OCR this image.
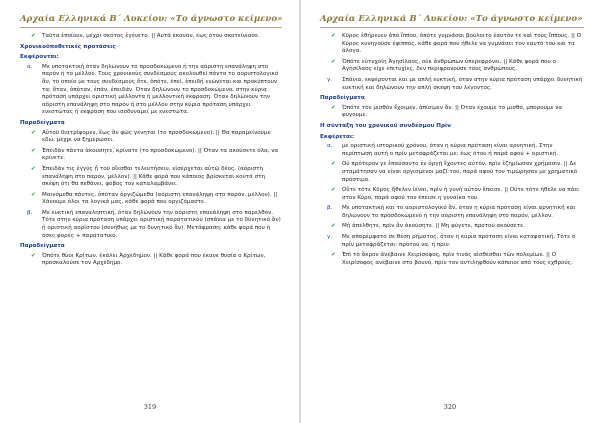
Αρχαία Ελληνικά Β΄ Λυκείου: «Το άγνωστο κείμενο»
✔ Ταῦτα ἐποίουν, μέχρι σκότος ἐγένετο. || Αυτά έκαναν, έως ότου σκοτείνιασε.
Χρονικοϋποθετικές προτάσεις
Εκφέρονται:
α. Με υποτακτική όταν δηλώνουν το προσδοκώμενο ή την αόριστη επανάληψη στο παρόν ή το μέλλον. Τους χρονικούς συνδέσμους ακολουθεί πάντα το αοριστολογικό ἄν, το οποίο με τους συνδέσμους ὅτε, ὁπότε, ἐπεί, ἐπειδή ενώνεται και προκύπτουν τα: ὅταν, ὁπόταν, ἐπάν, ἐπειδάν. Όταν δηλώνουν το προσδοκώμενο, στην κύρια πρόταση υπάρχει οριστική μέλλοντα ή μελλοντική έκφραση. Όταν δηλώνουν την αόριστη επανάληψη στο παρόν ή στο μέλλον στην κύρια πρόταση υπάρχει ενεστώτας ή έκφραση που ισοδυναμεί με ενεστώτα.
Παραδείγματα
✔ Αὐτοῦ διατρίψομεν, ἕως ἂν φῶς γένηται (το προσδοκώμενο). || Θα παραμείνουμε εδώ, μέχρι να ξημερώσει.
✔ Ἐπειδὰν πάντα ἀκούσητε, κρίνατε (το προσδοκώμενο). || Όταν τα ακούσετε όλα, να κρίνετε.
✔ Ἐπειδὰν τις ἐγγὺς ᾖ τοῦ οἴεσθαι τελευτήσειν, εἰσέρχεται αὐτῷ δέος. (αόριστη επανάληψη στο παρόν, μέλλον). || Κάθε φορά που κάποιος βρίσκεται κοντά στη σκέψη ότι θα πεθάνει, φόβος τον καταλαμβάνει.
✔ Μαινόμεθα πάντες, ὁπόταν ὀργιζώμεθα (αόριστη επανάληψη στο παρόν, μέλλον). || Χάνουμε όλοι τα λογικά μας, κάθε φορά που οργιζόμαστε.
β. Με ευκτική επαναληπτική, όταν δηλώνουν την αόριστη επανάληψη στο παρελθόν. Τότε στην κύρια πρόταση υπάρχει οριστική παρατατικού (σπάνια με το δυνητικό ἄν) ή οριστική αορίστου (συνήθως με το δυνητικό ἄν). Μετάφραση: κάθε φορά που ή όσες φορές + παρατατικό.
Παραδείγματα
✔ Ὁπότε θύοι Κρίτων, ἐκάλει Ἀρχέδημον. || Κάθε φορά που έκανε θυσία ο Κρίτων, προσκαλούσε τον Αρχέδημο.
319
Αρχαία Ελληνικά Β΄ Λυκείου: «Το άγνωστο κείμενο»
✔ Κῦρος ἐθήρευεν ἀπὸ ἵππου, ὁπότε γυμνάσαι βούλοιτο ἑαυτὸν τε καὶ τοὺς ἵππους. || Ο Κύρος κυνηγούσε έφιππος, κάθε φορά που ήθελε να γυμνάσει τον εαυτό του και τα άλογα.
✔ Ὁπότε εὐτυχοίη Ἀγησίλαος, οὐκ ἀνθρώπων ὑπερεφρόνει. || Κάθε φορά που ο Αγησίλαος είχε επιτυχίες, δεν περιφρονούσε τους ανθρώπους.
γ. Σπάνια, εκφέρονται και με απλή ευκτική, όταν στην κύρια πρόταση υπάρχει δυνητική ευκτική και δηλώνουν την απλή σκέψη του λέγοντος.
Παραδείγματα
✔ Ὁπότε τὸν μισθὸν ἔχοιμεν, ἀπίοιμεν ἄν. || Όταν έχουμε το μισθό, μπορούμε να φύγουμε.
Η σύνταξη του χρονικού συνδέσμου Πρίν
Εκφέρεται:
α. με οριστική ιστορικού χρόνου, όταν η κύρια πρόταση είναι αρνητική. Στην περίπτωση αυτή ο πρίν μεταφράζεται με: έως ότου ή παρά αφού + οριστική.
✔ Οὐ πρότερον γε ἐπαύσαντο ἐν ὀργῇ ἔχοντες αὐτόν, πρὶν ἐζημίωσαν χρήμασιν. || Δε σταμάτησαν να είναι οργισμένοι μαζί του, παρά αφού τον τιμώρησαν με χρηματικό πρόστιμο.
✔ Οὔτε τότε Κῦρος ἤθελεν ἰέναι, πρὶν ἡ γυνὴ αὐτὸν ἔπεισε. || Ούτε τότε ήθελε να πάει στον Κύρο, παρά αφού τον έπεισε η γυναίκα του.
β. Με υποτακτική και το αοριστολογικό ἄν, όταν η κύρια πρόταση είναι αρνητική και δηλώνουν το προσδοκώμενο ή την αόριστη επανάληψη στο παρόν, μέλλον.
✔ Μὴ ἀπέλθητε, πρὶν ἂν ἀκούσητε. || Μη φύγετε, προτού ακούσετε.
γ. Με απαρέμφατο σε θέση ρήματος, όταν η κύρια πρόταση είναι καταφατική. Τότε ο πρίν μεταφράζεται: προτού να, ή πριν.
✔ Ἐπὶ τὸ ἄκρον ἀνέβαινε Χειρίσοφος, πρὶν τινὰς αἰσθέσθαι τῶν πολεμίων. || Ο Χειρίσοφος ανέβαινε στο βουνό, πριν τον αντιληφθούν κάποιοι από τους εχθρούς.
320
